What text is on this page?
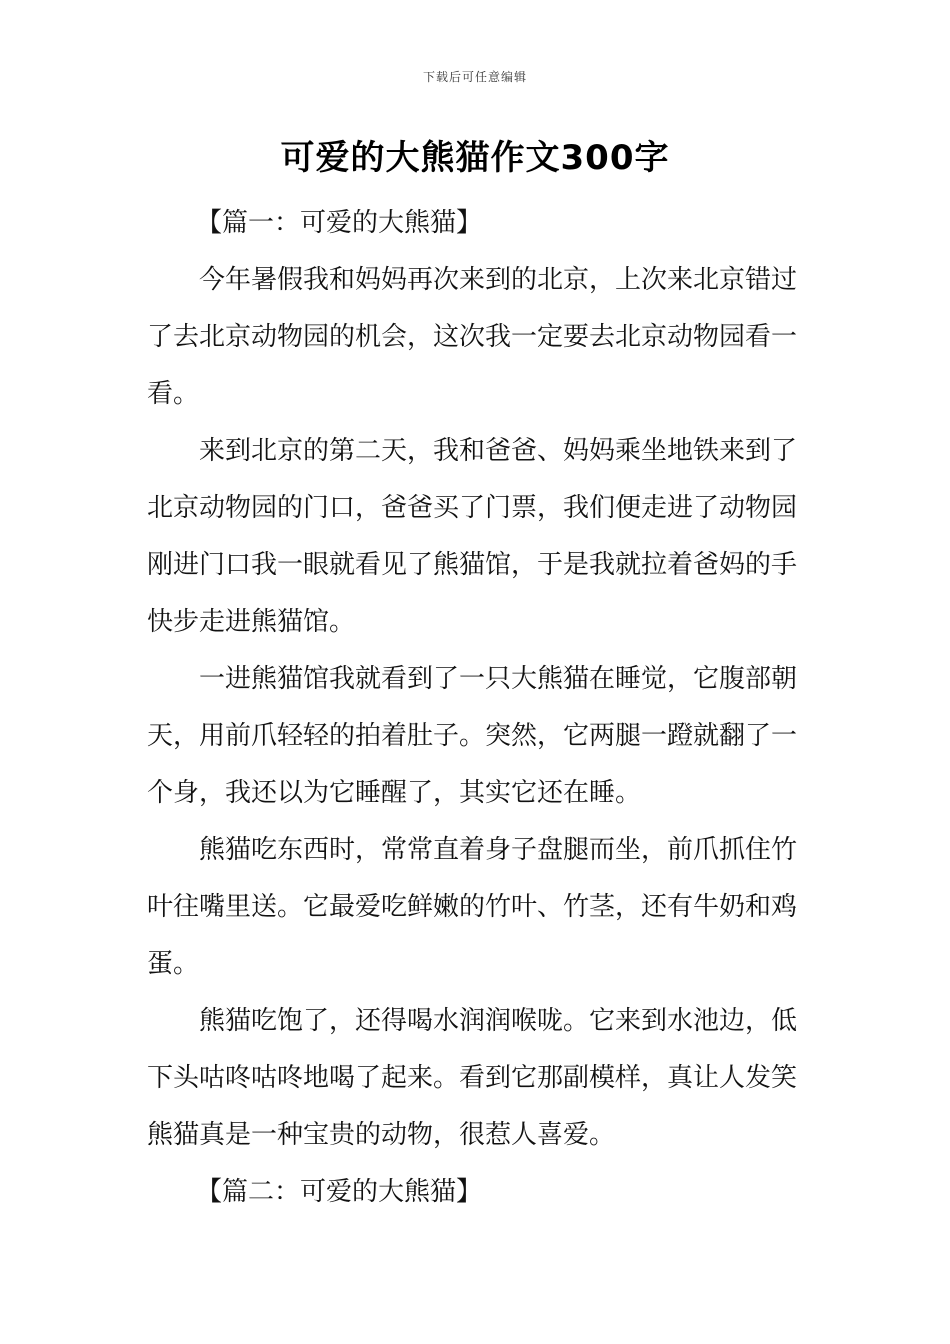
下载后可任意编辑
可爱的大熊猫作文300字
【篇一：可爱的大熊猫】
今年暑假我和妈妈再次来到的北京，上次来北京错过
了去北京动物园的机会，这次我一定要去北京动物园看一
看。
来到北京的第二天，我和爸爸、妈妈乘坐地铁来到了
北京动物园的门口，爸爸买了门票，我们便走进了动物园
刚进门口我一眼就看见了熊猫馆，于是我就拉着爸妈的手
快步走进熊猫馆。
一进熊猫馆我就看到了一只大熊猫在睡觉，它腹部朝
天，用前爪轻轻的拍着肚子。突然，它两腿一蹬就翻了一
个身，我还以为它睡醒了，其实它还在睡。
熊猫吃东西时，常常直着身子盘腿而坐，前爪抓住竹
叶往嘴里送。它最爱吃鲜嫩的竹叶、竹茎，还有牛奶和鸡
蛋。
熊猫吃饱了，还得喝水润润喉咙。它来到水池边，低
下头咕咚咕咚地喝了起来。看到它那副模样，真让人发笑
熊猫真是一种宝贵的动物，很惹人喜爱。
【篇二：可爱的大熊猫】
